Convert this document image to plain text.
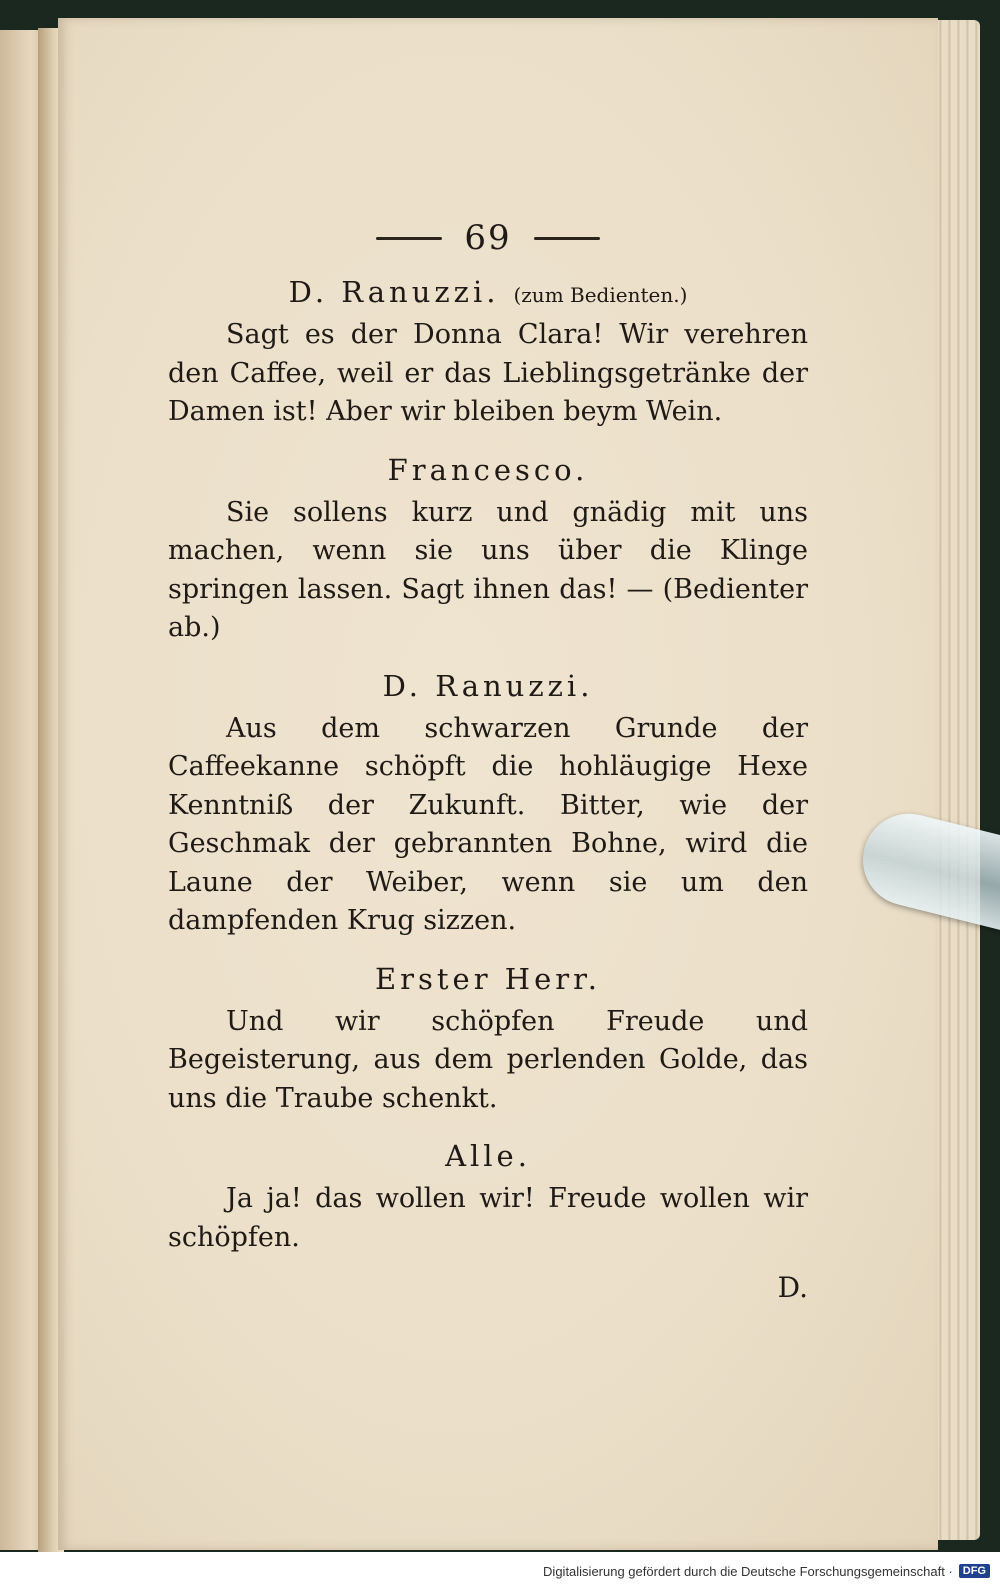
69

D. Ranuzzi. (zum Bedienten.)

Sagt es der Donna Clara! Wir verehren den Caffee, weil er das Lieblingsgetränke der Damen ist! Aber wir bleiben beym Wein.

Francesco.

Sie sollens kurz und gnädig mit uns machen, wenn sie uns über die Klinge springen lassen. Sagt ihnen das! — (Bedienter ab.)

D. Ranuzzi.

Aus dem schwarzen Grunde der Caffeekanne schöpft die hohläugige Hexe Kenntniß der Zukunft. Bitter, wie der Geschmak der gebrannten Bohne, wird die Laune der Weiber, wenn sie um den dampfenden Krug sizzen.

Erster Herr.

Und wir schöpfen Freude und Begeisterung, aus dem perlenden Golde, das uns die Traube schenkt.

Alle.

Ja ja! das wollen wir! Freude wollen wir schöpfen.

D.
Digitalisierung gefördert durch die Deutsche Forschungsgemeinschaft · DFG
